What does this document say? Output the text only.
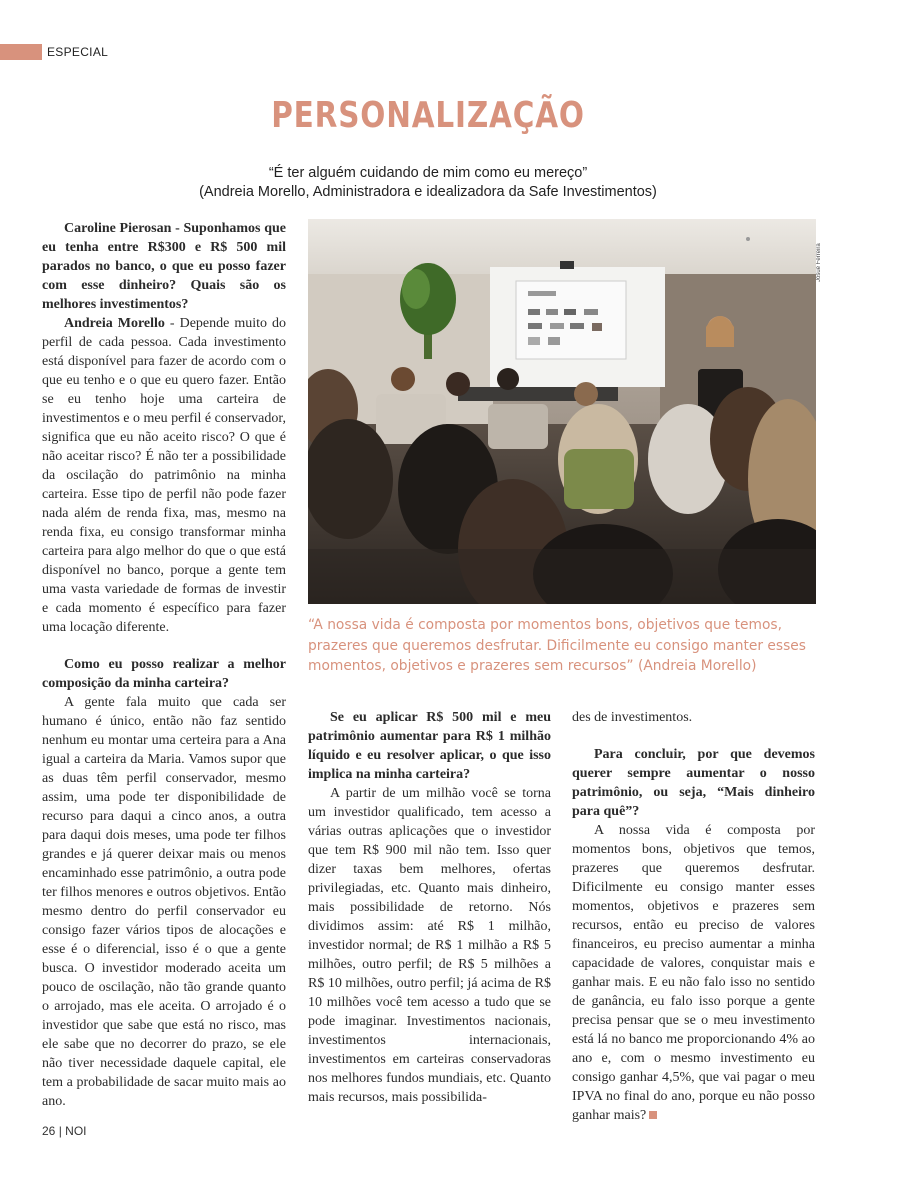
ESPECIAL
PERSONALIZAÇÃO
“É ter alguém cuidando de mim como eu mereço”
(Andreia Morello, Administradora e idealizadora da Safe Investimentos)

Caroline Pierosan - Suponhamos que eu tenha entre R$300 e R$ 500 mil parados no banco, o que eu posso fazer com esse dinheiro? Quais são os melhores investimentos?

Andreia Morello - Depende muito do perfil de cada pessoa. Cada investimento está disponível para fazer de acordo com o que eu tenho e o que eu quero fazer. Então se eu tenho hoje uma carteira de investimentos e o meu perfil é conservador, significa que eu não aceito risco? O que é não aceitar risco? É não ter a possibilidade da oscilação do patrimônio na minha carteira. Esse tipo de perfil não pode fazer nada além de renda fixa, mas, mesmo na renda fixa, eu consigo transformar minha carteira para algo melhor do que o que está disponível no banco, porque a gente tem uma vasta variedade de formas de investir e cada momento é específico para fazer uma locação diferente.

Como eu posso realizar a melhor composição da minha carteira?

A gente fala muito que cada ser humano é único, então não faz sentido nenhum eu montar uma certeira para a Ana igual a carteira da Maria. Vamos supor que as duas têm perfil conservador, mesmo assim, uma pode ter disponibilidade de recurso para daqui a cinco anos, a outra para daqui dois meses, uma pode ter filhos grandes e já querer deixar mais ou menos encaminhado esse patrimônio, a outra pode ter filhos menores e outros objetivos. Então mesmo dentro do perfil conservador eu consigo fazer vários tipos de alocações e esse é o diferencial, isso é o que a gente busca. O investidor moderado aceita um pouco de oscilação, não tão grande quanto o arrojado, mas ele aceita. O arrojado é o investidor que sabe que está no risco, mas ele sabe que no decorrer do prazo, se ele não tiver necessidade daquele capital, ele tem a probabilidade de sacar muito mais ao ano.

Josué Ferreira
“A nossa vida é composta por momentos bons, objetivos que temos, prazeres que queremos desfrutar. Dificilmente eu consigo manter esses momentos, objetivos e prazeres sem recursos” (Andreia Morello)

Se eu aplicar R$ 500 mil e meu patrimônio aumentar para R$ 1 milhão líquido e eu resolver aplicar, o que isso implica na minha carteira?

A partir de um milhão você se torna um investidor qualificado, tem acesso a várias outras aplicações que o investidor que tem R$ 900 mil não tem. Isso quer dizer taxas bem melhores, ofertas privilegiadas, etc. Quanto mais dinheiro, mais possibilidade de retorno. Nós dividimos assim: até R$ 1 milhão, investidor normal; de R$ 1 milhão a R$ 5 milhões, outro perfil; de R$ 5 milhões a R$ 10 milhões, outro perfil; já acima de R$ 10 milhões você tem acesso a tudo que se pode imaginar. Investimentos nacionais, investimentos internacionais, investimentos em carteiras conservadoras nos melhores fundos mundiais, etc. Quanto mais recursos, mais possibilida-

des de investimentos.

Para concluir, por que devemos querer sempre aumentar o nosso patrimônio, ou seja, “Mais dinheiro para quê”?

A nossa vida é composta por momentos bons, objetivos que temos, prazeres que queremos desfrutar. Dificilmente eu consigo manter esses momentos, objetivos e prazeres sem recursos, então eu preciso de valores financeiros, eu preciso aumentar a minha capacidade de valores, conquistar mais e ganhar mais. E eu não falo isso no sentido de ganância, eu falo isso porque a gente precisa pensar que se o meu investimento está lá no banco me proporcionando 4% ao ano e, com o mesmo investimento eu consigo ganhar 4,5%, que vai pagar o meu IPVA no final do ano, porque eu não posso ganhar mais?

26 | NOI
